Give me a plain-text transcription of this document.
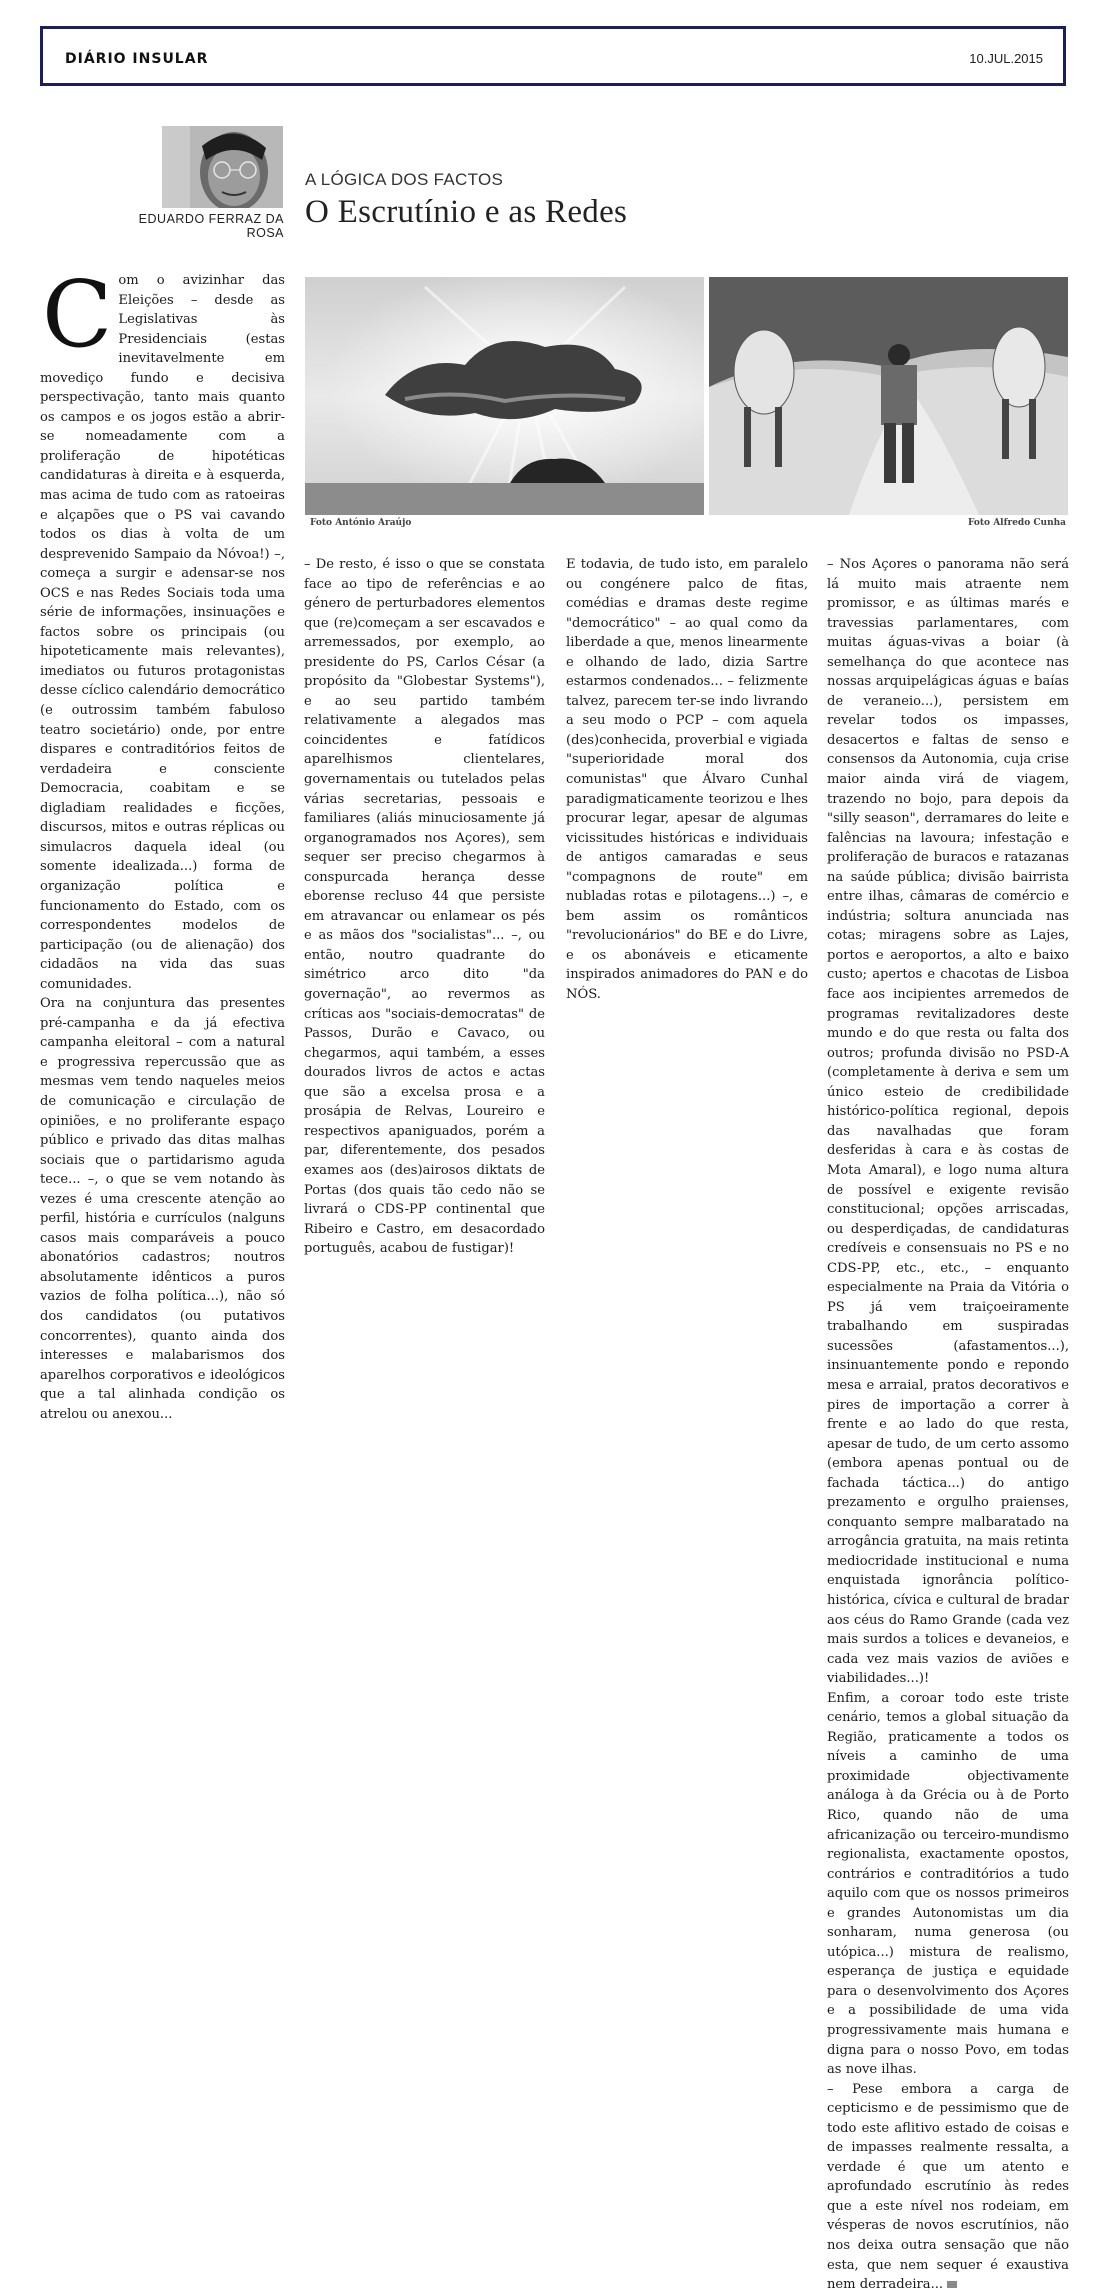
DIÁRIO INSULAR	10.JUL.2015
EDUARDO FERRAZ DA ROSA
A LÓGICA DOS FACTOS
O Escrutínio e as Redes
Foto António Araújo	Foto Alfredo Cunha
C om o avizinhar das Eleições – desde as Legislativas às Presidenciais (estas inevitavelmente em movediço fundo e decisiva perspectivação, tanto mais quanto os campos e os jogos estão a abrir-se nomeadamente com a proliferação de hipotéticas candidaturas à direita e à esquerda, mas acima de tudo com as ratoeiras e alçapões que o PS vai cavando todos os dias à volta de um desprevenido Sampaio da Nóvoa!) –, começa a surgir e adensar-se nos OCS e nas Redes Sociais toda uma série de informações, insinuações e factos sobre os principais (ou hipoteticamente mais relevantes), imediatos ou futuros protagonistas desse cíclico calendário democrático (e outrossim também fabuloso teatro societário) onde, por entre dispares e contraditórios feitos de verdadeira e consciente Democracia, coabitam e se digladiam realidades e ficções, discursos, mitos e outras réplicas ou simulacros daquela ideal (ou somente idealizada...) forma de organização política e funcionamento do Estado, com os correspondentes modelos de participação (ou de alienação) dos cidadãos na vida das suas comunidades.

Ora na conjuntura das presentes pré-campanha e da já efectiva campanha eleitoral – com a natural e progressiva repercussão que as mesmas vem tendo naqueles meios de comunicação e circulação de opiniões, e no proliferante espaço público e privado das ditas malhas sociais que o partidarismo aguda tece... –, o que se vem notando às vezes é uma crescente atenção ao perfil, história e currículos (nalguns casos mais comparáveis a pouco abonatórios cadastros; noutros absolutamente idênticos a puros vazios de folha política...), não só dos candidatos (ou putativos concorrentes), quanto ainda dos interesses e malabarismos dos aparelhos corporativos e ideológicos que a tal alinhada condição os atrelou ou anexou...

– De resto, é isso o que se constata face ao tipo de referências e ao género de perturbadores elementos que (re)começam a ser escavados e arremessados, por exemplo, ao presidente do PS, Carlos César (a propósito da "Globestar Systems"), e ao seu partido também relativamente a alegados mas coincidentes e fatídicos aparelhismos clientelares, governamentais ou tutelados pelas várias secretarias, pessoais e familiares (aliás minuciosamente já organogramados nos Açores), sem sequer ser preciso chegarmos à conspurcada herança desse eborense recluso 44 que persiste em atravancar ou enlamear os pés e as mãos dos "socialistas"... –, ou então, noutro quadrante do simétrico arco dito "da governação", ao revermos as críticas aos "sociais-democratas" de Passos, Durão e Cavaco, ou chegarmos, aqui também, a esses dourados livros de actos e actas que são a excelsa prosa e a prosápia de Relvas, Loureiro e respectivos apaniguados, porém a par, diferentemente, dos pesados exames aos (des)airosos diktats de Portas (dos quais tão cedo não se livrará o CDS-PP continental que Ribeiro e Castro, em desacordado português, acabou de fustigar)!

E todavia, de tudo isto, em paralelo ou congénere palco de fitas, comédias e dramas deste regime "democrático" – ao qual como da liberdade a que, menos linearmente e olhando de lado, dizia Sartre estarmos condenados... – felizmente talvez, parecem ter-se indo livrando a seu modo o PCP – com aquela (des)conhecida, proverbial e vigiada "superioridade moral dos comunistas" que Álvaro Cunhal paradigmaticamente teorizou e lhes procurar legar, apesar de algumas vicissitudes históricas e individuais de antigos camaradas e seus "compagnons de route" em nubladas rotas e pilotagens...) –, e bem assim os românticos "revolucionários" do BE e do Livre, e os abonáveis e eticamente inspirados animadores do PAN e do NÓS.

– Nos Açores o panorama não será lá muito mais atraente nem promissor, e as últimas marés e travessias parlamentares, com muitas águas-vivas a boiar (à semelhança do que acontece nas nossas arquipelágicas águas e baías de veraneio...), persistem em revelar todos os impasses, desacertos e faltas de senso e consensos da Autonomia, cuja crise maior ainda virá de viagem, trazendo no bojo, para depois da "silly season", derramares do leite e falências na lavoura; infestação e proliferação de buracos e ratazanas na saúde pública; divisão bairrista entre ilhas, câmaras de comércio e indústria; soltura anunciada nas cotas; miragens sobre as Lajes, portos e aeroportos, a alto e baixo custo; apertos e chacotas de Lisboa face aos incipientes arremedos de programas revitalizadores deste mundo e do que resta ou falta dos outros; profunda divisão no PSD-A (completamente à deriva e sem um único esteio de credibilidade histórico-política regional, depois das navalhadas que foram desferidas à cara e às costas de Mota Amaral), e logo numa altura de possível e exigente revisão constitucional; opções arriscadas, ou desperdiçadas, de candidaturas credíveis e consensuais no PS e no CDS-PP, etc., etc., – enquanto especialmente na Praia da Vitória o PS já vem traiçoeiramente trabalhando em suspiradas sucessões (afastamentos...), insinuantemente pondo e repondo mesa e arraial, pratos decorativos e pires de importação a correr à frente e ao lado do que resta, apesar de tudo, de um certo assomo (embora apenas pontual ou de fachada táctica...) do antigo prezamento e orgulho praienses, conquanto sempre malbaratado na arrogância gratuita, na mais retinta mediocridade institucional e numa enquistada ignorância político-histórica, cívica e cultural de bradar aos céus do Ramo Grande (cada vez mais surdos a tolices e devaneios, e cada vez mais vazios de aviões e viabilidades...)!

Enfim, a coroar todo este triste cenário, temos a global situação da Região, praticamente a todos os níveis a caminho de uma proximidade objectivamente análoga à da Grécia ou à de Porto Rico, quando não de uma africanização ou terceiro-mundismo regionalista, exactamente opostos, contrários e contraditórios a tudo aquilo com que os nossos primeiros e grandes Autonomistas um dia sonharam, numa generosa (ou utópica...) mistura de realismo, esperança de justiça e equidade para o desenvolvimento dos Açores e a possibilidade de uma vida progressivamente mais humana e digna para o nosso Povo, em todas as nove ilhas.

– Pese embora a carga de cepticismo e de pessimismo que de todo este aflitivo estado de coisas e de impasses realmente ressalta, a verdade é que um atento e aprofundado escrutínio às redes que a este nível nos rodeiam, em vésperas de novos escrutínios, não nos deixa outra sensação que não esta, que nem sequer é exaustiva nem derradeira...
